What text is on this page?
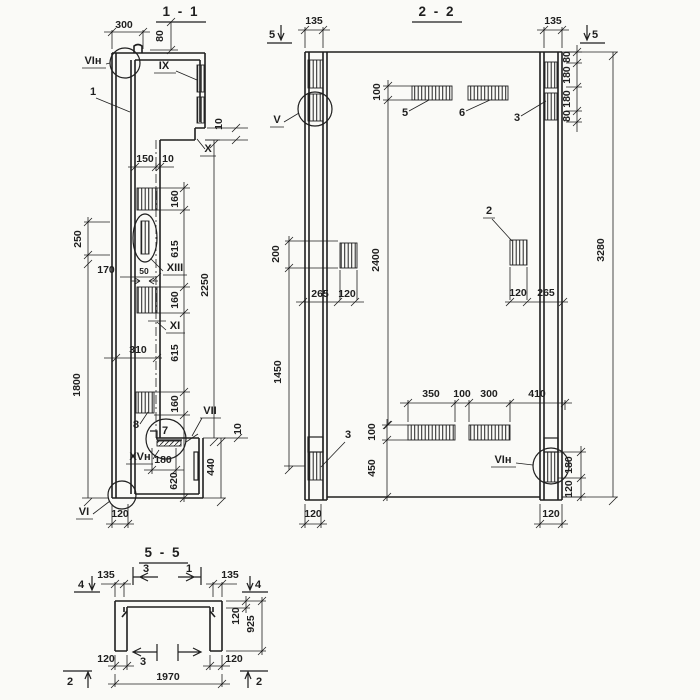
1 - 1
300
80
10
150 10
250
170	50
1800
310
160
615
160
615
160
620
2250
180	440
10
120
VIн
1
IX
X
XIII
XI
VII
XVн
8 7
VI
2 - 2
5	5
135	135
80
180
180
80
100
2400
200
1450
3280
265 120	120 265
350 100 300	410
100
450	180
120
120	120
V
5	6	3
2
3
VIн
5 - 5
4	4
3	1
3
2	2
135	135
120 925
120	120
1970
